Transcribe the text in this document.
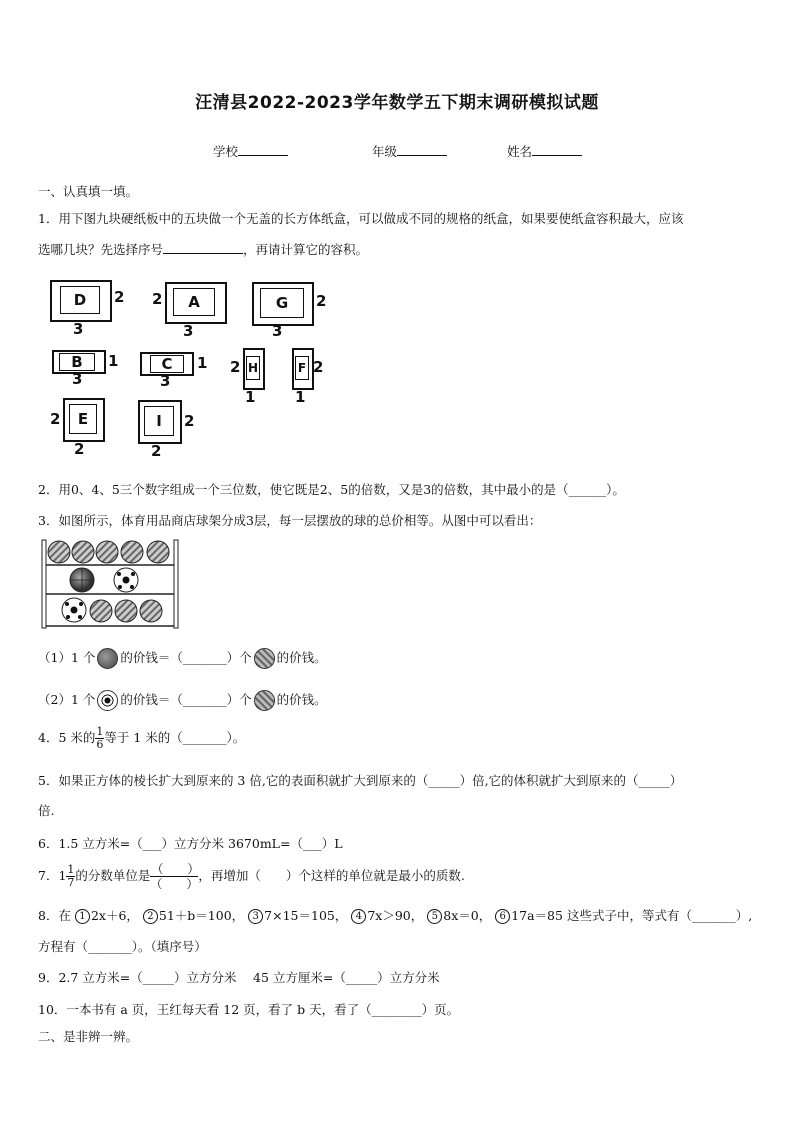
汪清县2022-2023学年数学五下期末调研模拟试题
学校	年级	姓名
一、认真填一填。
1．用下图九块硬纸板中的五块做一个无盖的长方体纸盒，可以做成不同的规格的纸盒，如果要使纸盒容积最大，应该
选哪几块？先选择序号	，再请计算它的容积。
D	2
3
2	A
3
G	2
3
B	1
3
C	1
3
2 H
1
F 2
1
2	E
2
I	2
2
2．用0、4、5三个数字组成一个三位数，使它既是2、5的倍数，又是3的倍数，其中最小的是（______）。
3．如图所示，体育用品商店球架分成3层，每一层摆放的球的总价相等。从图中可以看出：
（1）1 个 的价钱＝（_______）个 的价钱。
（2）1 个 的价钱＝（_______）个 的价钱。
4．5 米的 $\frac{1}{6}$ 等于 1 米的（_______）。
5．如果正方体的棱长扩大到原来的 3 倍,它的表面积就扩大到原来的（_____）倍,它的体积就扩大到原来的（_____）
倍.
6．1.5 立方米=（___）立方分米 3670mL=（___）L
7．$1 \frac{1}{7}$ 的分数单位是 $\frac{( )}{( )}$ ，再增加（　　）个这样的单位就是最小的质数.
8．在 1 2x＋6， 2 51＋b＝100， 3 7×15＝105， 4 7x＞90， 5 8x＝0， 6 17a＝85 这些式子中，等式有（_______）,
方程有（_______）。（填序号）
9．2.7 立方米=（_____）立方分米　 45 立方厘米=（_____）立方分米
10．一本书有 a 页，王红每天看 12 页，看了 b 天，看了（________）页。
二、是非辨一辨。
